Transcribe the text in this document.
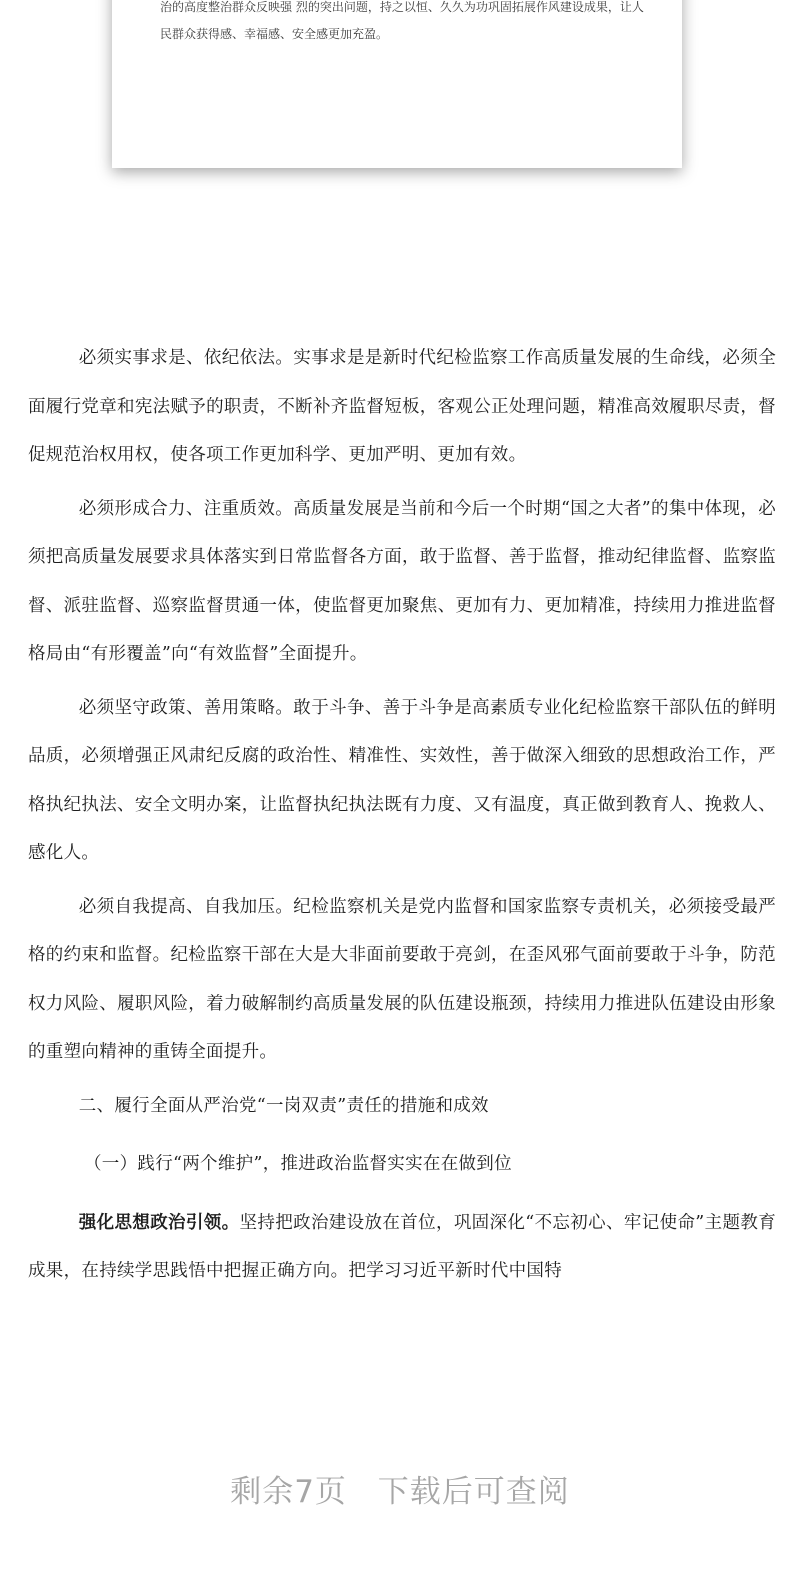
治的高度整治群众反映强 烈的突出问题，持之以恒、久久为功巩固拓展作风建设成果，让人民群众获得感、幸福感、安全感更加充盈。

必须实事求是、依纪依法。实事求是是新时代纪检监察工作高质量发展的生命线，必须全面履行党章和宪法赋予的职责，不断补齐监督短板，客观公正处理问题，精准高效履职尽责，督促规范治权用权，使各项工作更加科学、更加严明、更加有效。

必须形成合力、注重质效。高质量发展是当前和今后一个时期“国之大者”的集中体现，必须把高质量发展要求具体落实到日常监督各方面，敢于监督、善于监督，推动纪律监督、监察监督、派驻监督、巡察监督贯通一体，使监督更加聚焦、更加有力、更加精准，持续用力推进监督格局由“有形覆盖”向“有效监督”全面提升。

必须坚守政策、善用策略。敢于斗争、善于斗争是高素质专业化纪检监察干部队伍的鲜明品质，必须增强正风肃纪反腐的政治性、精准性、实效性，善于做深入细致的思想政治工作，严格执纪执法、安全文明办案，让监督执纪执法既有力度、又有温度，真正做到教育人、挽救人、感化人。

必须自我提高、自我加压。纪检监察机关是党内监督和国家监察专责机关，必须接受最严格的约束和监督。纪检监察干部在大是大非面前要敢于亮剑，在歪风邪气面前要敢于斗争，防范权力风险、履职风险，着力破解制约高质量发展的队伍建设瓶颈，持续用力推进队伍建设由形象的重塑向精神的重铸全面提升。

二、履行全面从严治党“一岗双责”责任的措施和成效

（一）践行“两个维护”，推进政治监督实实在在做到位

强化思想政治引领。坚持把政治建设放在首位，巩固深化“不忘初心、牢记使命”主题教育成果，在持续学思践悟中把握正确方向。把学习习近平新时代中国特

剩余7页 下载后可查阅
